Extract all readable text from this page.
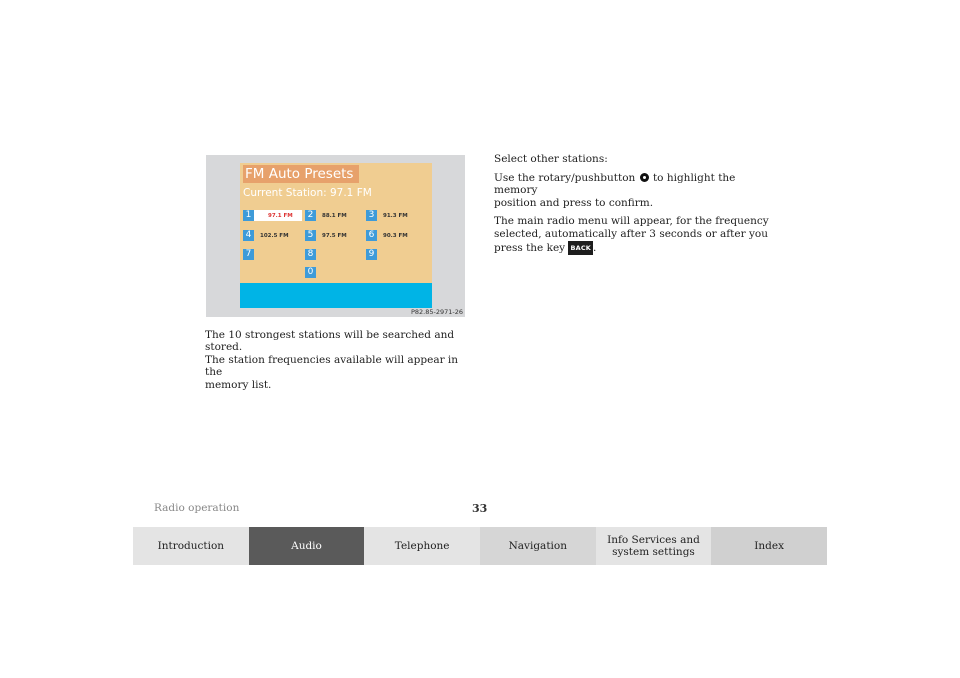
FM Auto Presets
Current Station: 97.1 FM
1	97.1 FM 2	88.1 FM 3	91.3 FM
4	102.5 FM 5	97.5 FM 6	90.3 FM
7	8	9
0
P82.85-2971-26

The 10 strongest stations will be searched and stored.

The station frequencies available will appear in the

memory list.

Select other stations:

Use the rotary/pushbutton  to highlight the memory
position and press to confirm.

The main radio menu will appear, for the frequency
selected, automatically after 3 seconds or after you
press the key BACK .

Radio operation	33
Introduction	Audio	Telephone	Navigation	Info Services and
system settings	Index
